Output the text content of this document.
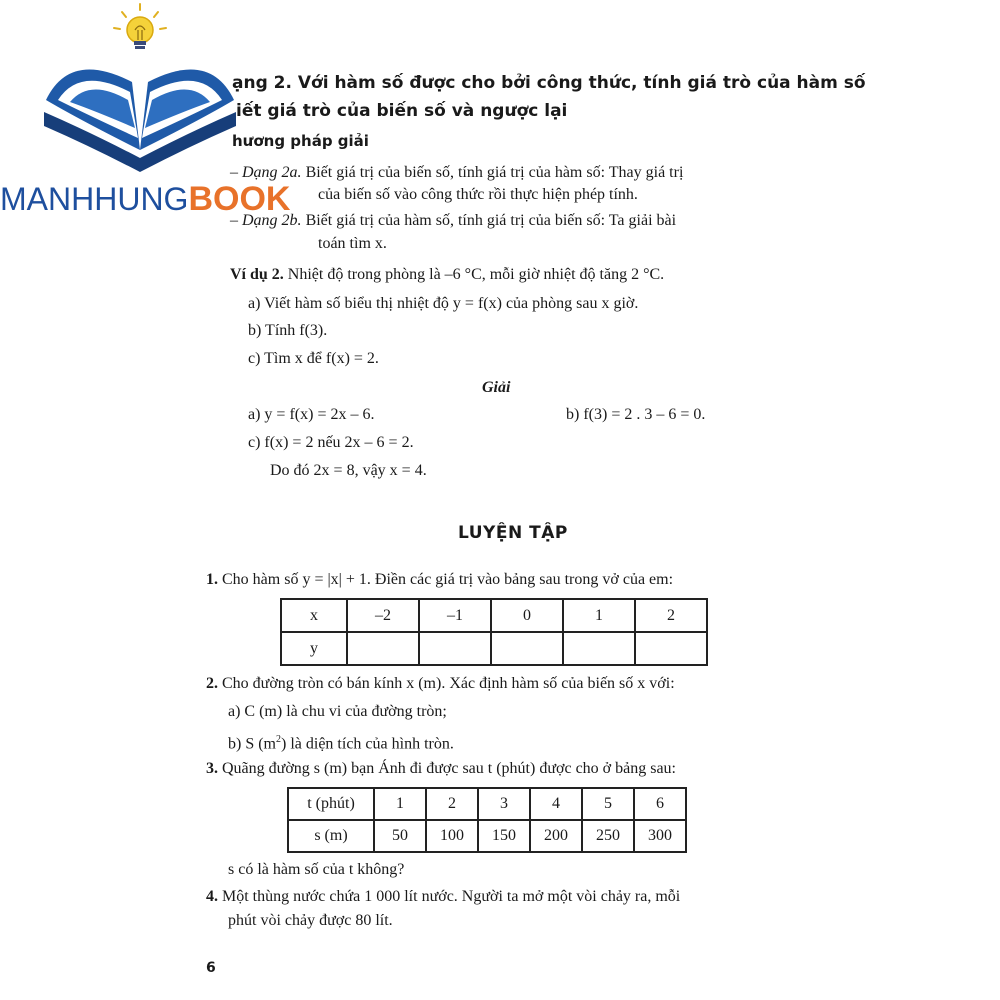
MANHHUNGBOOK
ạng 2. Với hàm số được cho bởi công thức, tính giá trò của hàm số
iết giá trò của biến số và ngược lại
hương pháp giải
– Dạng 2a. Biết giá trị của biến số, tính giá trị của hàm số: Thay giá trị
của biến số vào công thức rồi thực hiện phép tính.
– Dạng 2b. Biết giá trị của hàm số, tính giá trị của biến số: Ta giải bài
toán tìm x.
Ví dụ 2. Nhiệt độ trong phòng là –6 °C, mỗi giờ nhiệt độ tăng 2 °C.
a) Viết hàm số biểu thị nhiệt độ y = f(x) của phòng sau x giờ.
b) Tính f(3).
c) Tìm x để f(x) = 2.
Giải
a) y = f(x) = 2x – 6.	b) f(3) = 2 . 3 – 6 = 0.
c) f(x) = 2 nếu 2x – 6 = 2.
Do đó 2x = 8, vậy x = 4.
LUYỆN TẬP
1. Cho hàm số y = |x| + 1. Điền các giá trị vào bảng sau trong vở của em:
x	–2	–1	0	1	2
y					
2. Cho đường tròn có bán kính x (m). Xác định hàm số của biến số x với:
a) C (m) là chu vi của đường tròn;
b) S $(m^2)$ là diện tích của hình tròn.
3. Quãng đường s (m) bạn Ánh đi được sau t (phút) được cho ở bảng sau:
t (phút)	1	2	3	4	5	6
s (m)	50	100	150	200	250	300
s có là hàm số của t không?
4. Một thùng nước chứa 1 000 lít nước. Người ta mở một vòi chảy ra, mỗi
phút vòi chảy được 80 lít.
6
